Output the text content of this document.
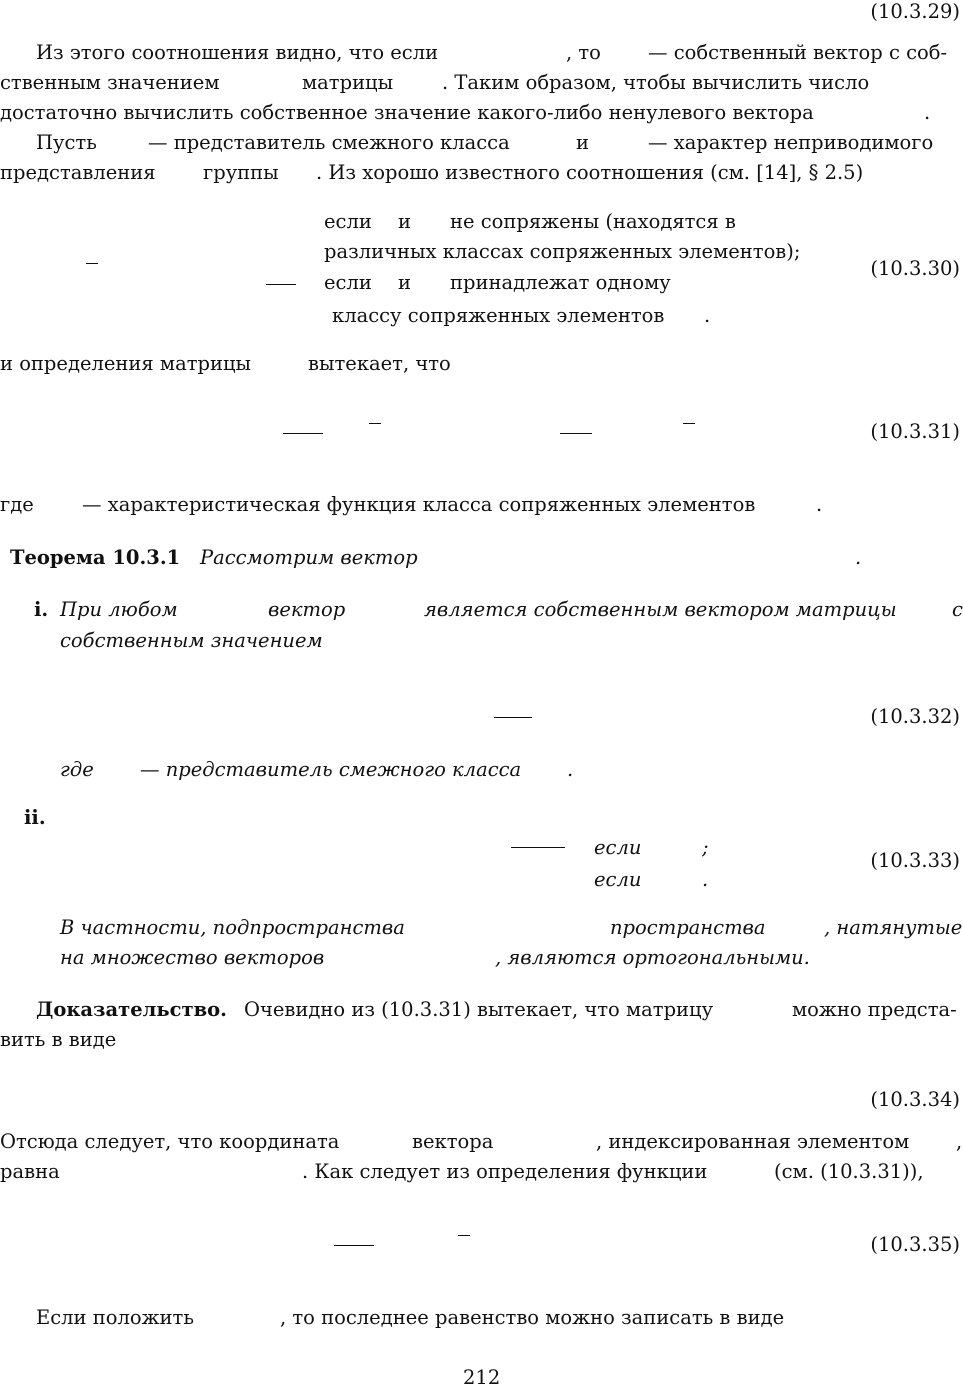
(10.3.29)
Из этого соотношения видно, что если	, то — собственный вектор с соб-
ственным значением	матрицы	. Таким образом, чтобы вычислить число
достаточно вычислить собственное значение какого-либо ненулевого вектора	.
Пусть	— представитель смежного класса	и	— характер неприводимого
представления группы . Из хорошо известного соотношения (см. [14], § 2.5)
если и не сопряжены (находятся в
различных классах сопряженных элементов);
если и принадлежат одному
классу сопряженных элементов .
(10.3.30)
и определения матрицы	вытекает, что
(10.3.31)
где — характеристическая функция класса сопряженных элементов	.
Теорема 10.3.1 Рассмотрим вектор	.
i. При любом	вектор	является собственным вектором матрицы	с
собственным значением
(10.3.32)
где — представитель смежного класса .
ii.
если	;
если	.
(10.3.33)
В частности, подпространства	пространства	, натянутые
на множество векторов	, являются ортогональными.
Доказательство. Очевидно из (10.3.31) вытекает, что матрицу	можно предста-
вить в виде
(10.3.34)
Отсюда следует, что координата	вектора	, индексированная элементом ,
равна	. Как следует из определения функции	(см. (10.3.31)),
(10.3.35)
Если положить	, то последнее равенство можно записать в виде
212
